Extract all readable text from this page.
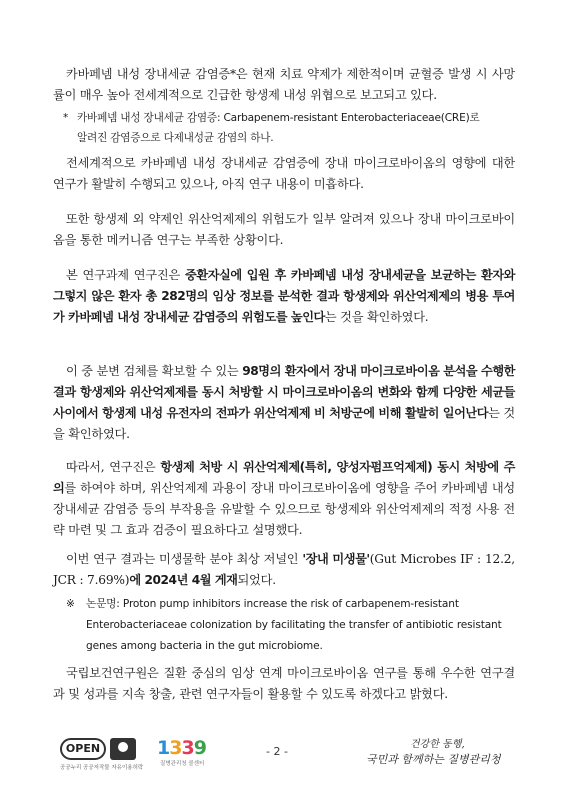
카바페넴 내성 장내세균 감염증*은 현재 치료 약제가 제한적이며 균혈증 발생 시 사망률이 매우 높아 전세계적으로 긴급한 항생제 내성 위협으로 보고되고 있다.

* 카바페넴 내성 장내세균 감염증: Carbapenem-resistant Enterobacteriaceae(CRE)로
알려진 감염증으로 다제내성균 감염의 하나.

전세계적으로 카바페넴 내성 장내세균 감염증에 장내 마이크로바이옴의 영향에 대한 연구가 활발히 수행되고 있으나, 아직 연구 내용이 미흡하다.

또한 항생제 외 약제인 위산억제제의 위험도가 일부 알려져 있으나 장내 마이크로바이옴을 통한 메커니즘 연구는 부족한 상황이다.

본 연구과제 연구진은 중환자실에 입원 후 카바페넴 내성 장내세균을 보균하는 환자와 그렇지 않은 환자 총 282명의 임상 정보를 분석한 결과 항생제와 위산억제제의 병용 투여가 카바페넴 내성 장내세균 감염증의 위험도를 높인다는 것을 확인하였다.

이 중 분변 검체를 확보할 수 있는 98명의 환자에서 장내 마이크로바이옴 분석을 수행한 결과 항생제와 위산억제제를 동시 처방할 시 마이크로바이옴의 변화와 함께 다양한 세균들 사이에서 항생제 내성 유전자의 전파가 위산억제제 비 처방군에 비해 활발히 일어난다는 것을 확인하였다.

따라서, 연구진은 항생제 처방 시 위산억제제(특히, 양성자펌프억제제) 동시 처방에 주의를 하여야 하며, 위산억제제 과용이 장내 마이크로바이옴에 영향을 주어 카바페넴 내성 장내세균 감염증 등의 부작용을 유발할 수 있으므로 항생제와 위산억제제의 적정 사용 전략 마련 및 그 효과 검증이 필요하다고 설명했다.

이번 연구 결과는 미생물학 분야 최상 저널인 '장내 미생물'(Gut Microbes IF : 12.2, JCR : 7.69%)에 2024년 4월 게재되었다.

※ 논문명: Proton pump inhibitors increase the risk of carbapenem-resistant
Enterobacteriaceae colonization by facilitating the transfer of antibiotic resistant
genes among bacteria in the gut microbiome.

국립보건연구원은 질환 중심의 임상 연계 마이크로바이옴 연구를 통해 우수한 연구결과 및 성과를 지속 창출, 관련 연구자들이 활용할 수 있도록 하겠다고 밝혔다.

OPEN
공공누리 공공저작물 자유이용허락
1339
질병관리청 콜센터
- 2 -
건강한 동행,
국민과 함께하는 질병관리청
